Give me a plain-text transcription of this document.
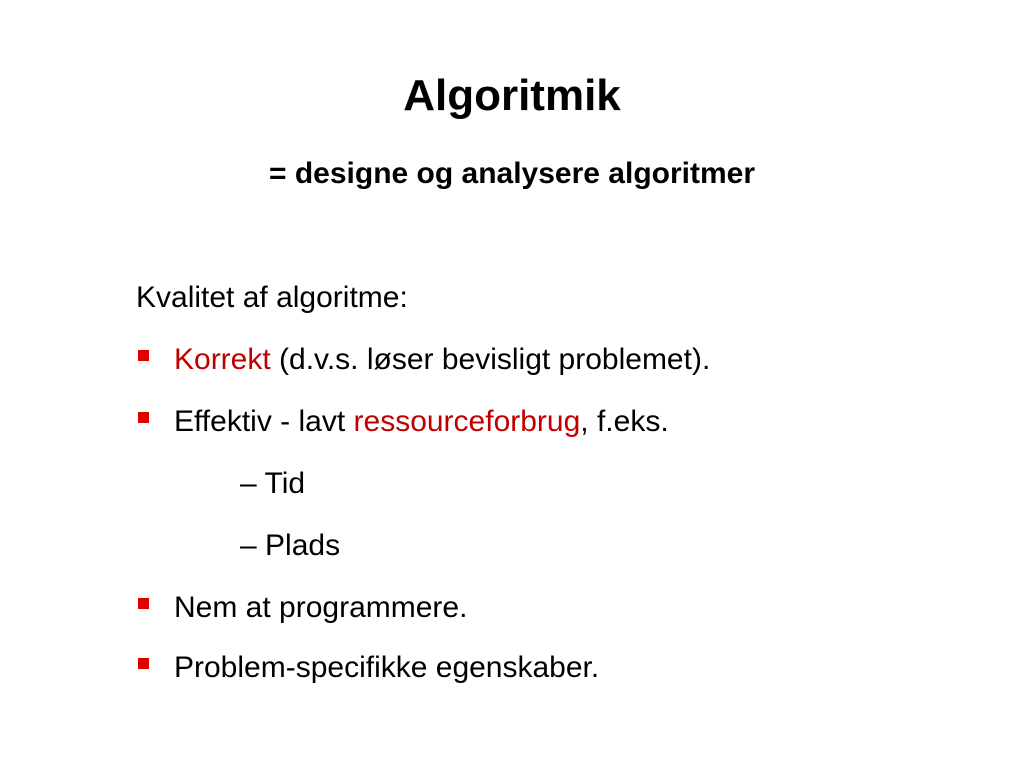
Algoritmik
= designe og analysere algoritmer
Kvalitet af algoritme:
Korrekt (d.v.s. løser bevisligt problemet).
Effektiv - lavt ressourceforbrug, f.eks.
– Tid
– Plads
Nem at programmere.
Problem-specifikke egenskaber.
